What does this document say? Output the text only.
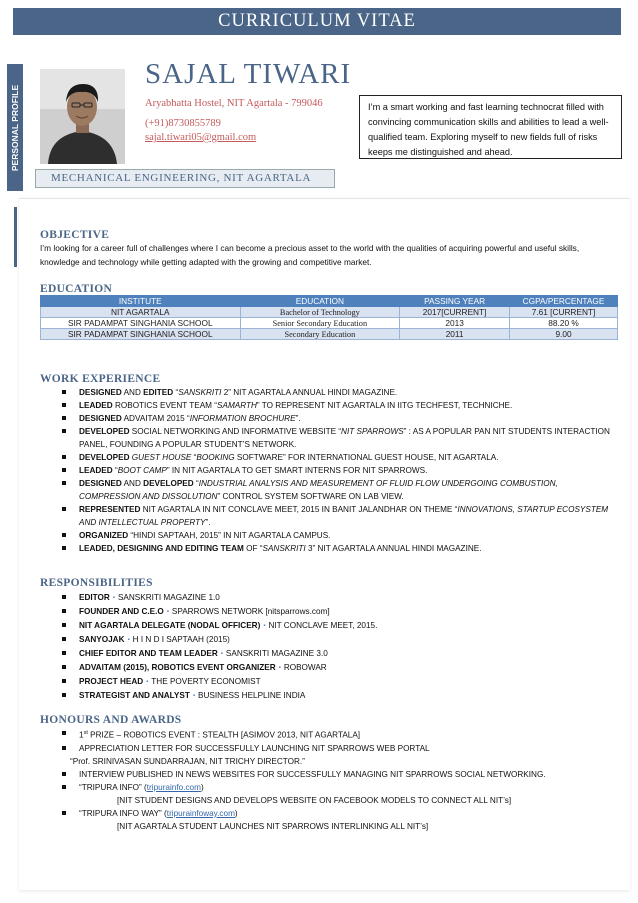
CURRICULUM VITAE
PERSONAL PROFILE
SAJAL TIWARI
Aryabhatta Hostel, NIT Agartala - 799046
(+91)8730855789
sajal.tiwari05@gmail.com
I’m a smart working and fast learning technocrat filled with convincing communication skills and abilities to lead a well-qualified team. Exploring myself to new fields full of risks keeps me distinguished and ahead.
MECHANICAL ENGINEERING, NIT AGARTALA
OBJECTIVE
I’m looking for a career full of challenges where I can become a precious asset to the world with the qualities of acquiring powerful and useful skills, knowledge and technology while getting adapted with the growing and competitive market.
EDUCATION
INSTITUTE	EDUCATION	PASSING YEAR	CGPA/PERCENTAGE
NIT AGARTALA	Bachelor of Technology	2017[CURRENT]	7.61 [CURRENT]
SIR PADAMPAT SINGHANIA SCHOOL	Senior Secondary Education	2013	88.20 %
SIR PADAMPAT SINGHANIA SCHOOL	Secondary Education	2011	9.00
WORK EXPERIENCE
DESIGNED AND EDITED “SANSKRITI 2” NIT AGARTALA ANNUAL HINDI MAGAZINE.
LEADED ROBOTICS EVENT TEAM “SAMARTH” TO REPRESENT NIT AGARTALA IN IITG TECHFEST, TECHNICHE.
DESIGNED ADVAITAM 2015 “INFORMATION BROCHURE”.
DEVELOPED SOCIAL NETWORKING AND INFORMATIVE WEBSITE “NIT SPARROWS” : AS A POPULAR PAN NIT STUDENTS INTERACTION PANEL, FOUNDING A POPULAR STUDENT’S NETWORK.
DEVELOPED GUEST HOUSE “BOOKING SOFTWARE” FOR INTERNATIONAL GUEST HOUSE, NIT AGARTALA.
LEADED “BOOT CAMP” IN NIT AGARTALA TO GET SMART INTERNS FOR NIT SPARROWS.
DESIGNED AND DEVELOPED “INDUSTRIAL ANALYSIS AND MEASUREMENT OF FLUID FLOW UNDERGOING COMBUSTION, COMPRESSION AND DISSOLUTION” CONTROL SYSTEM SOFTWARE ON LAB VIEW.
REPRESENTED NIT AGARTALA IN NIT CONCLAVE MEET, 2015 IN BANIT JALANDHAR ON THEME “INNOVATIONS, STARTUP ECOSYSTEM AND INTELLECTUAL PROPERTY”.
ORGANIZED “HINDI SAPTAAH, 2015” IN NIT AGARTALA CAMPUS.
LEADED, DESIGNING AND EDITING TEAM OF “SANSKRITI 3” NIT AGARTALA ANNUAL HINDI MAGAZINE.
RESPONSIBILITIES
EDITOR ▪ SANSKRITI MAGAZINE 1.0
FOUNDER AND C.E.O ▪ SPARROWS NETWORK [nitsparrows.com]
NIT AGARTALA DELEGATE (NODAL OFFICER) ▪ NIT CONCLAVE MEET, 2015.
SANYOJAK ▪ H I N D I SAPTAAH (2015)
CHIEF EDITOR AND TEAM LEADER ▪ SANSKRITI MAGAZINE 3.0
ADVAITAM (2015), ROBOTICS EVENT ORGANIZER ▪ ROBOWAR
PROJECT HEAD ▪ THE POVERTY ECONOMIST
STRATEGIST AND ANALYST ▪ BUSINESS HELPLINE INDIA
HONOURS AND AWARDS
1st PRIZE – ROBOTICS EVENT : STEALTH [ASIMOV 2013, NIT AGARTALA]
APPRECIATION LETTER FOR SUCCESSFULLY LAUNCHING NIT SPARROWS WEB PORTAL
“Prof. SRINIVASAN SUNDARRAJAN, NIT TRICHY DIRECTOR.”
INTERVIEW PUBLISHED IN NEWS WEBSITES FOR SUCCESSFULLY MANAGING NIT SPARROWS SOCIAL NETWORKING.
“TRIPURA INFO” (tripurainfo.com)
[NIT STUDENT DESIGNS AND DEVELOPS WEBSITE ON FACEBOOK MODELS TO CONNECT ALL NIT’s]
“TRIPURA INFO WAY” (tripurainfoway.com)
[NIT AGARTALA STUDENT LAUNCHES NIT SPARROWS INTERLINKING ALL NIT’s]
